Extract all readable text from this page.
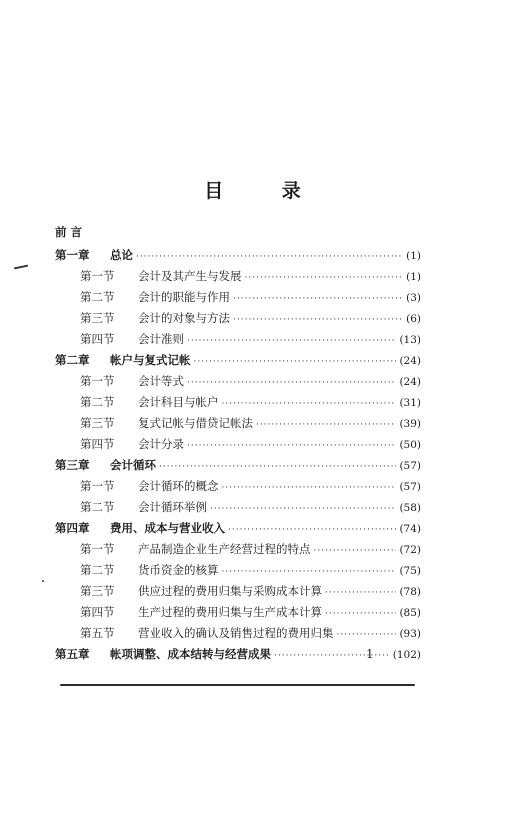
目 录
前 言
第一章	总论 ·····	(1)
第一节	会计及其产生与发展 ·····	(1)
第二节	会计的职能与作用 ·····	(3)
第三节	会计的对象与方法 ·····	(6)
第四节	会计准则 ·····	(13)
第二章	帐户与复式记帐 ·····	(24)
第一节	会计等式 ·····	(24)
第二节	会计科目与帐户 ·····	(31)
第三节	复式记帐与借贷记帐法 ·····	(39)
第四节	会计分录 ·····	(50)
第三章	会计循环 ·····	(57)
第一节	会计循环的概念 ·····	(57)
第二节	会计循环举例 ·····	(58)
第四章	费用、成本与营业收入 ·····	(74)
第一节	产品制造企业生产经营过程的特点 ·····	(72)
第二节	货币资金的核算 ·····	(75)
第三节	供应过程的费用归集与采购成本计算 ·····	(78)
第四节	生产过程的费用归集与生产成本计算 ·····	(85)
第五节	营业收入的确认及销售过程的费用归集 ·····	(93)
第五章	帐项调整、成本结转与经营成果 ·····	(102)
1
